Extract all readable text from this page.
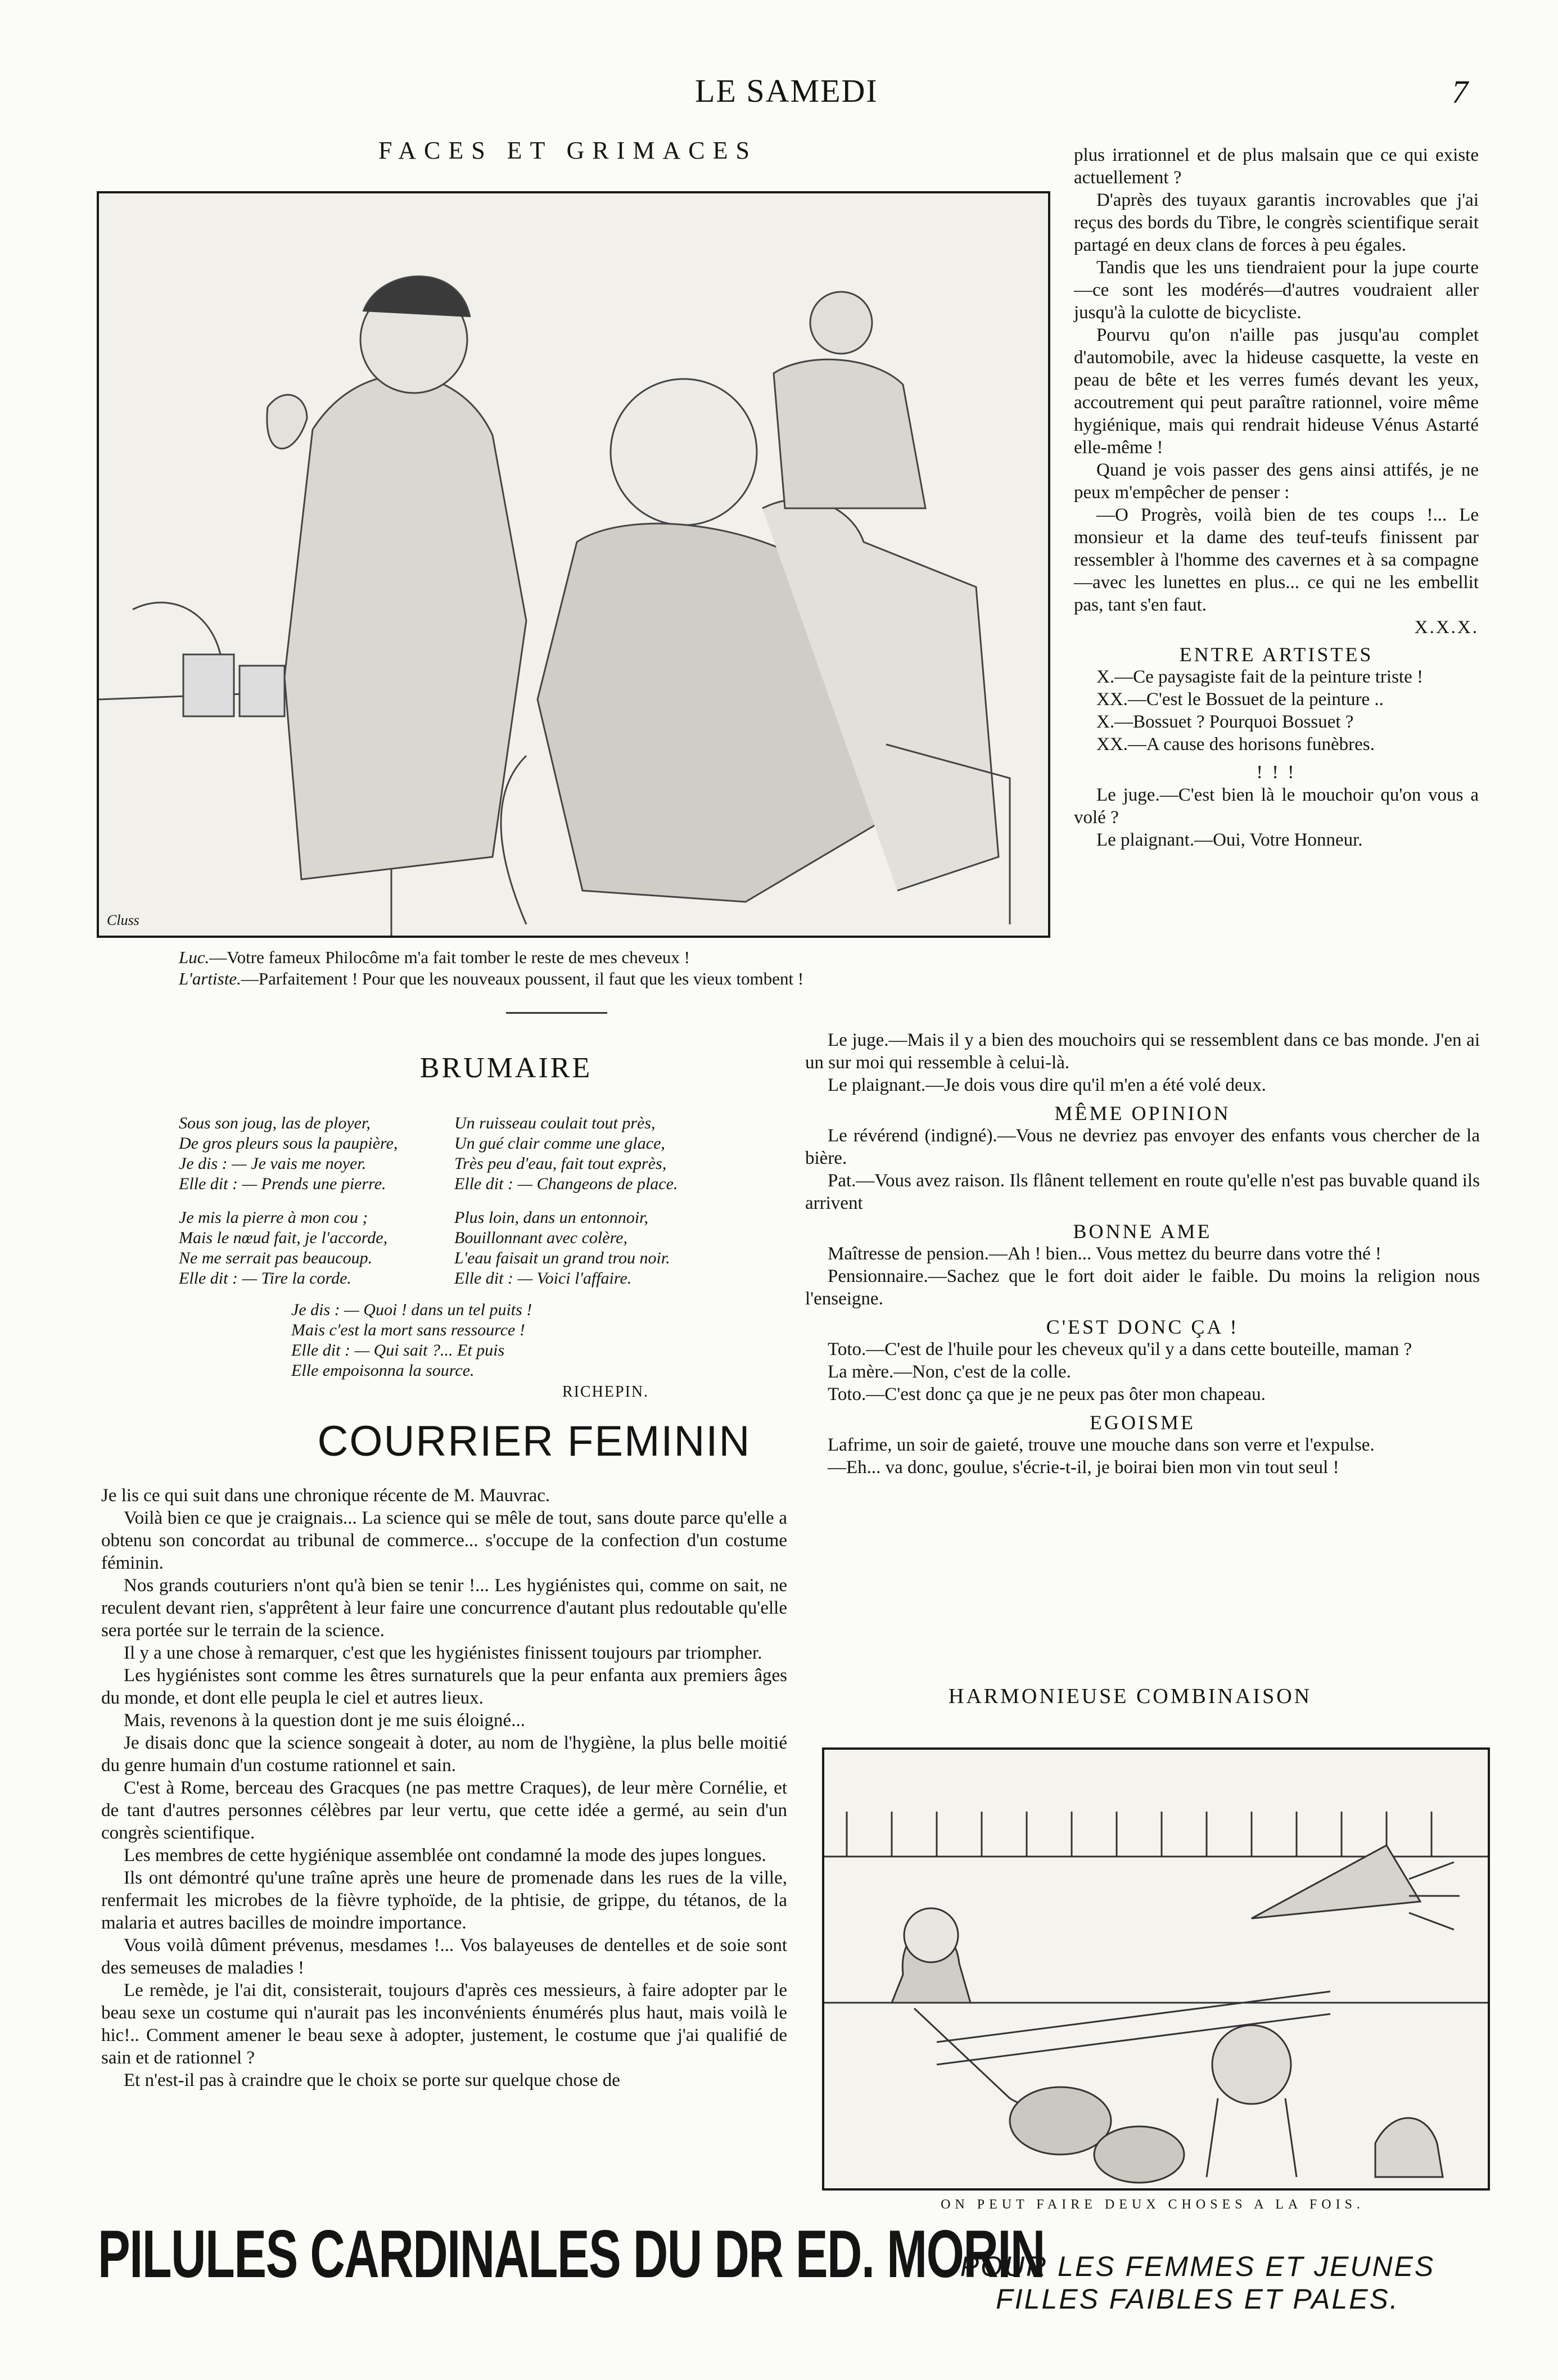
LE SAMEDI	7
FACES ET GRIMACES
Cluss
Luc.—Votre fameux Philocôme m'a fait tomber le reste de mes cheveux !
L'artiste.—Parfaitement ! Pour que les nouveaux poussent, il faut que les vieux tombent !
BRUMAIRE
Sous son joug, las de ployer,
De gros pleurs sous la paupière,
Je dis : — Je vais me noyer.
Elle dit : — Prends une pierre.
Un ruisseau coulait tout près,
Un gué clair comme une glace,
Très peu d'eau, fait tout exprès,
Elle dit : — Changeons de place.
Je mis la pierre à mon cou ;
Mais le nœud fait, je l'accorde,
Ne me serrait pas beaucoup.
Elle dit : — Tire la corde.
Plus loin, dans un entonnoir,
Bouillonnant avec colère,
L'eau faisait un grand trou noir.
Elle dit : — Voici l'affaire.
Je dis : — Quoi ! dans un tel puits !
Mais c'est la mort sans ressource !
Elle dit : — Qui sait ?... Et puis
Elle empoisonna la source.
RICHEPIN.
COURRIER FEMININ

Je lis ce qui suit dans une chronique récente de M. Mauvrac.

Voilà bien ce que je craignais... La science qui se mêle de tout, sans doute parce qu'elle a obtenu son concordat au tribunal de commerce... s'occupe de la confection d'un costume féminin.

Nos grands couturiers n'ont qu'à bien se tenir !... Les hygiénistes qui, comme on sait, ne reculent devant rien, s'apprêtent à leur faire une concurrence d'autant plus redoutable qu'elle sera portée sur le terrain de la science.

Il y a une chose à remarquer, c'est que les hygiénistes finissent toujours par triompher.

Les hygiénistes sont comme les êtres surnaturels que la peur enfanta aux premiers âges du monde, et dont elle peupla le ciel et autres lieux.

Mais, revenons à la question dont je me suis éloigné...

Je disais donc que la science songeait à doter, au nom de l'hygiène, la plus belle moitié du genre humain d'un costume rationnel et sain.

C'est à Rome, berceau des Gracques (ne pas mettre Craques), de leur mère Cornélie, et de tant d'autres personnes célèbres par leur vertu, que cette idée a germé, au sein d'un congrès scientifique.

Les membres de cette hygiénique assemblée ont condamné la mode des jupes longues.

Ils ont démontré qu'une traîne après une heure de promenade dans les rues de la ville, renfermait les microbes de la fièvre typhoïde, de la phtisie, de grippe, du tétanos, de la malaria et autres bacilles de moindre importance.

Vous voilà dûment prévenus, mesdames !... Vos balayeuses de dentelles et de soie sont des semeuses de maladies !

Le remède, je l'ai dit, consisterait, toujours d'après ces messieurs, à faire adopter par le beau sexe un costume qui n'aurait pas les inconvénients énumérés plus haut, mais voilà le hic!.. Comment amener le beau sexe à adopter, justement, le costume que j'ai qualifié de sain et de rationnel ?

Et n'est-il pas à craindre que le choix se porte sur quelque chose de

plus irrationnel et de plus malsain que ce qui existe actuellement ?

D'après des tuyaux garantis incrovables que j'ai reçus des bords du Tibre, le congrès scientifique serait partagé en deux clans de forces à peu égales.

Tandis que les uns tiendraient pour la jupe courte—ce sont les modérés—d'autres voudraient aller jusqu'à la culotte de bicycliste.

Pourvu qu'on n'aille pas jusqu'au complet d'automobile, avec la hideuse casquette, la veste en peau de bête et les verres fumés devant les yeux, accoutrement qui peut paraître rationnel, voire même hygiénique, mais qui rendrait hideuse Vénus Astarté elle-même !

Quand je vois passer des gens ainsi attifés, je ne peux m'empêcher de penser :

—O Progrès, voilà bien de tes coups !... Le monsieur et la dame des teuf-teufs finissent par ressembler à l'homme des cavernes et à sa compagne—avec les lunettes en plus... ce qui ne les embellit pas, tant s'en faut.

X.X.X.
ENTRE ARTISTES

X.—Ce paysagiste fait de la peinture triste !

XX.—C'est le Bossuet de la peinture ..

X.—Bossuet ? Pourquoi Bossuet ?

XX.—A cause des horisons funèbres.

! ! !

Le juge.—C'est bien là le mouchoir qu'on vous a volé ?

Le plaignant.—Oui, Votre Honneur.

Le juge.—Mais il y a bien des mouchoirs qui se ressemblent dans ce bas monde. J'en ai un sur moi qui ressemble à celui-là.

Le plaignant.—Je dois vous dire qu'il m'en a été volé deux.

MÊME OPINION

Le révérend (indigné).—Vous ne devriez pas envoyer des enfants vous chercher de la bière.

Pat.—Vous avez raison. Ils flânent tellement en route qu'elle n'est pas buvable quand ils arrivent

BONNE AME

Maîtresse de pension.—Ah ! bien... Vous mettez du beurre dans votre thé !

Pensionnaire.—Sachez que le fort doit aider le faible. Du moins la religion nous l'enseigne.

C'EST DONC ÇA !

Toto.—C'est de l'huile pour les cheveux qu'il y a dans cette bouteille, maman ?

La mère.—Non, c'est de la colle.

Toto.—C'est donc ça que je ne peux pas ôter mon chapeau.

EGOISME

Lafrime, un soir de gaieté, trouve une mouche dans son verre et l'expulse.

—Eh... va donc, goulue, s'écrie-t-il, je boirai bien mon vin tout seul !

HARMONIEUSE COMBINAISON
ON PEUT FAIRE DEUX CHOSES A LA FOIS.
PILULES CARDINALES DU DR ED. MORIN
POUR LES FEMMES ET JEUNES
FILLES FAIBLES ET PALES.
